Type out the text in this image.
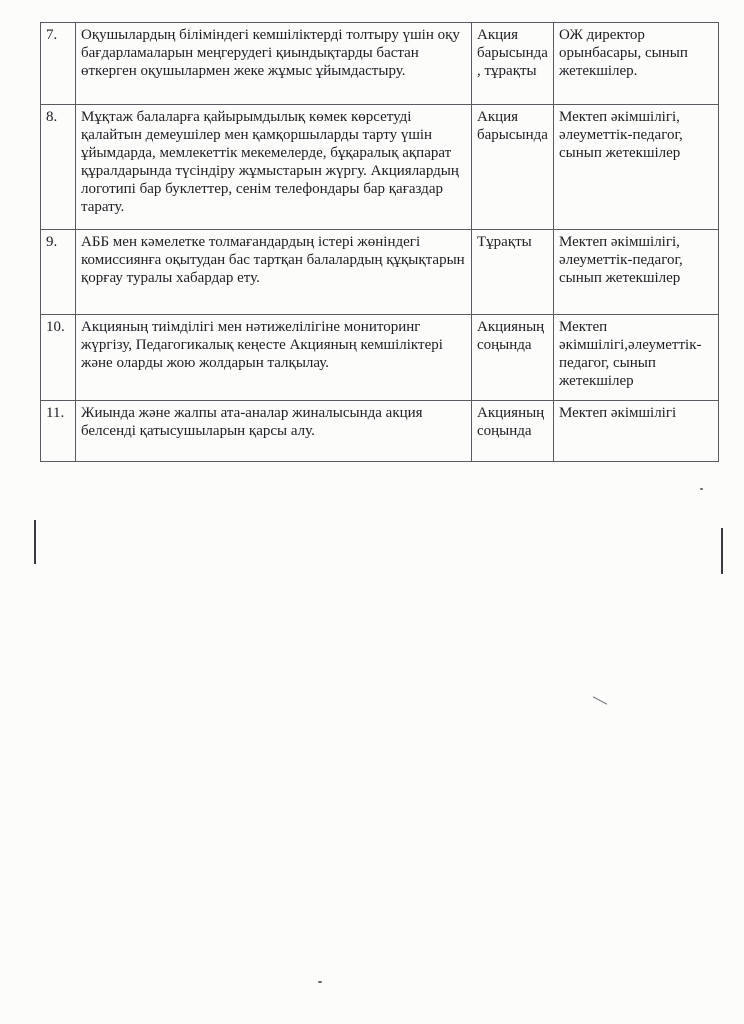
7.	Оқушылардың біліміндегі кемшіліктерді толтыру үшін оқу бағдарламаларын меңгерудегі қиындықтарды бастан өткерген оқушылармен жеке жұмыс ұйымдастыру.	Акция барысында, тұрақты	ОЖ директор орынбасары, сынып жетекшілер.
8.	Мұқтаж балаларға қайырымдылық көмек көрсетуді қалайтын демеушілер мен қамқоршыларды тарту үшін ұйымдарда, мемлекеттік мекемелерде, бұқаралық ақпарат құралдарында түсіндіру жұмыстарын жүргу. Акциялардың логотипі бар буклеттер, сенім телефондары бар қағаздар тарату.	Акция барысында	Мектеп әкімшілігі, әлеуметтік-педагог, сынып жетекшілер
9.	АББ мен кәмелетке толмағандардың істері жөніндегі комиссиянға оқытудан бас тартқан балалардың құқықтарын қорғау туралы хабардар ету.	Тұрақты	Мектеп әкімшілігі, әлеуметтік-педагог, сынып жетекшілер
10.	Акцияның тиімділігі мен нәтижелілігіне мониторинг жүргізу, Педагогикалық кеңесте Акцияның кемшіліктері және оларды жою жолдарын талқылау.	Акцияның соңында	Мектеп әкімшілігі,әлеуметтік-педагог, сынып жетекшілер
11.	Жиында және жалпы ата-аналар жиналысында акция белсенді қатысушыларын қарсы алу.	Акцияның соңында	Мектеп әкімшілігі
